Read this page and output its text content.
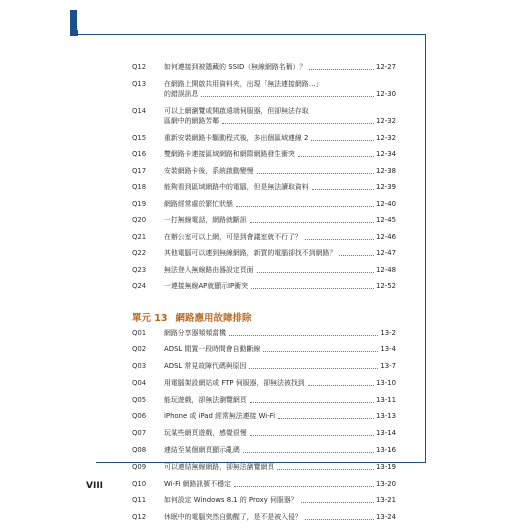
Q12	如何連接到被隱藏的 SSID（無線網路名稱）？	12-27
Q13	在網路上開啟共用資料夾，出現「無法連接網路…」
的錯誤訊息	12-30
Q14	可以上網瀏覽或開啟遠端伺服器，但卻無法存取
區網中的網路芳鄰	12-32
Q15	重新安裝網路卡驅動程式後，多出個區域連線 2	12-32
Q16	雙網路卡連接區域網路和網際網路發生衝突	12-34
Q17	安裝網路卡後，系統啟動變慢	12-38
Q18	能夠看到區域網路中的電腦，但是無法讀取資料	12-39
Q19	網路經常處於繁忙狀態	12-40
Q20	一打無線電話，網路就斷訊	12-45
Q21	在辦公室可以上網，可是到會議室就不行了？	12-46
Q22	其他電腦可以連到無線網路，新買的電腦卻找不到網路？	12-47
Q23	無法登入無線路由器設定頁面	12-48
Q24	一連接無線AP就顯示IP衝突	12-52
單元 13 網路應用故障排除
Q01	網路分享器頻頻當機	13-2
Q02	ADSL 閒置一段時間會自動斷線	13-4
Q03	ADSL 常見故障代碼與原因	13-7
Q04	用電腦架設網站或 FTP 伺服器，卻無法被找到	13-10
Q05	能玩遊戲，卻無法瀏覽網頁	13-11
Q06	iPhone 或 iPad 經常無法連接 Wi-Fi	13-13
Q07	玩某些網頁遊戲，感覺很慢	13-14
Q08	連結至某個網頁顯示亂碼	13-16
Q09	可以連結無線網路，卻無法瀏覽網頁	13-19
Q10	Wi-Fi 網路訊號不穩定	13-20
Q11	如何設定 Windows 8.1 的 Proxy 伺服器？	13-21
Q12	休眠中的電腦突然自動醒了，是不是被入侵？	13-24
VIII
